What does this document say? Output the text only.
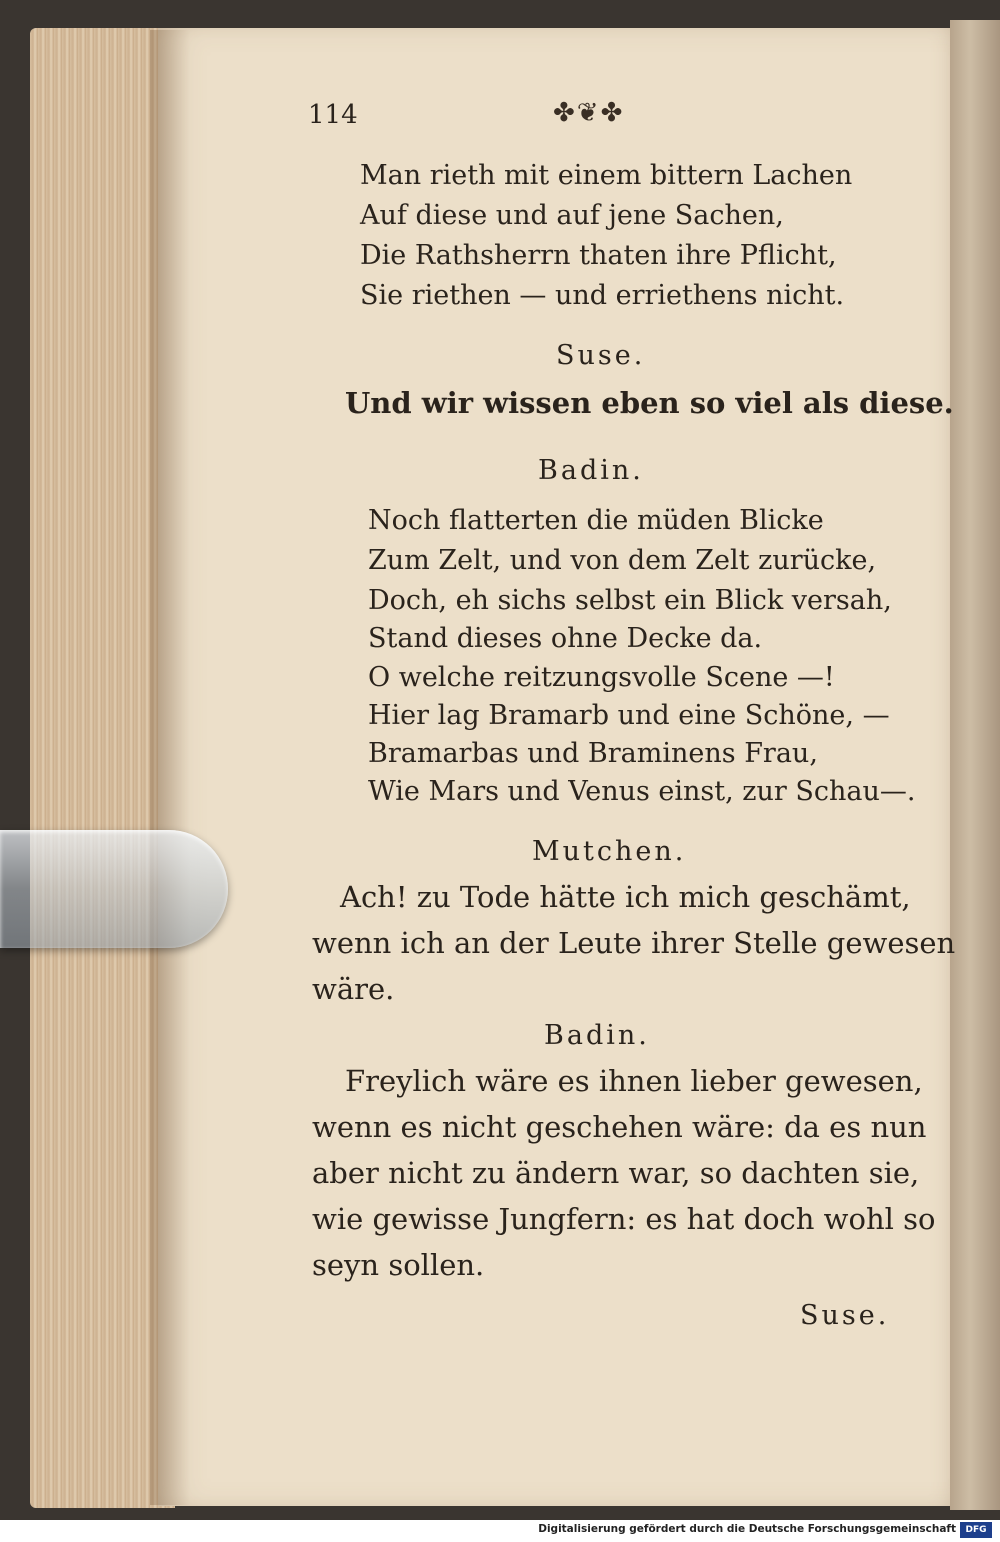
114	✤❦✤
Man rieth mit einem bittern Lachen
Auf diese und auf jene Sachen,
Die Rathsherrn thaten ihre Pflicht,
Sie riethen — und erriethens nicht.
Suse.
Und wir wissen eben so viel als diese.
Badin.
Noch flatterten die müden Blicke
Zum Zelt, und von dem Zelt zurücke,
Doch, eh sichs selbst ein Blick versah,
Stand dieses ohne Decke da.
O welche reitzungsvolle Scene —!
Hier lag Bramarb und eine Schöne, —
Bramarbas und Braminens Frau,
Wie Mars und Venus einst, zur Schau—.
Mutchen.
Ach! zu Tode hätte ich mich geschämt,
wenn ich an der Leute ihrer Stelle gewesen
wäre.
Badin.
Freylich wäre es ihnen lieber gewesen,
wenn es nicht geschehen wäre: da es nun
aber nicht zu ändern war, so dachten sie,
wie gewisse Jungfern: es hat doch wohl so
seyn sollen.
Suse.
Digitalisierung gefördert durch die Deutsche Forschungsgemeinschaft	DFG
